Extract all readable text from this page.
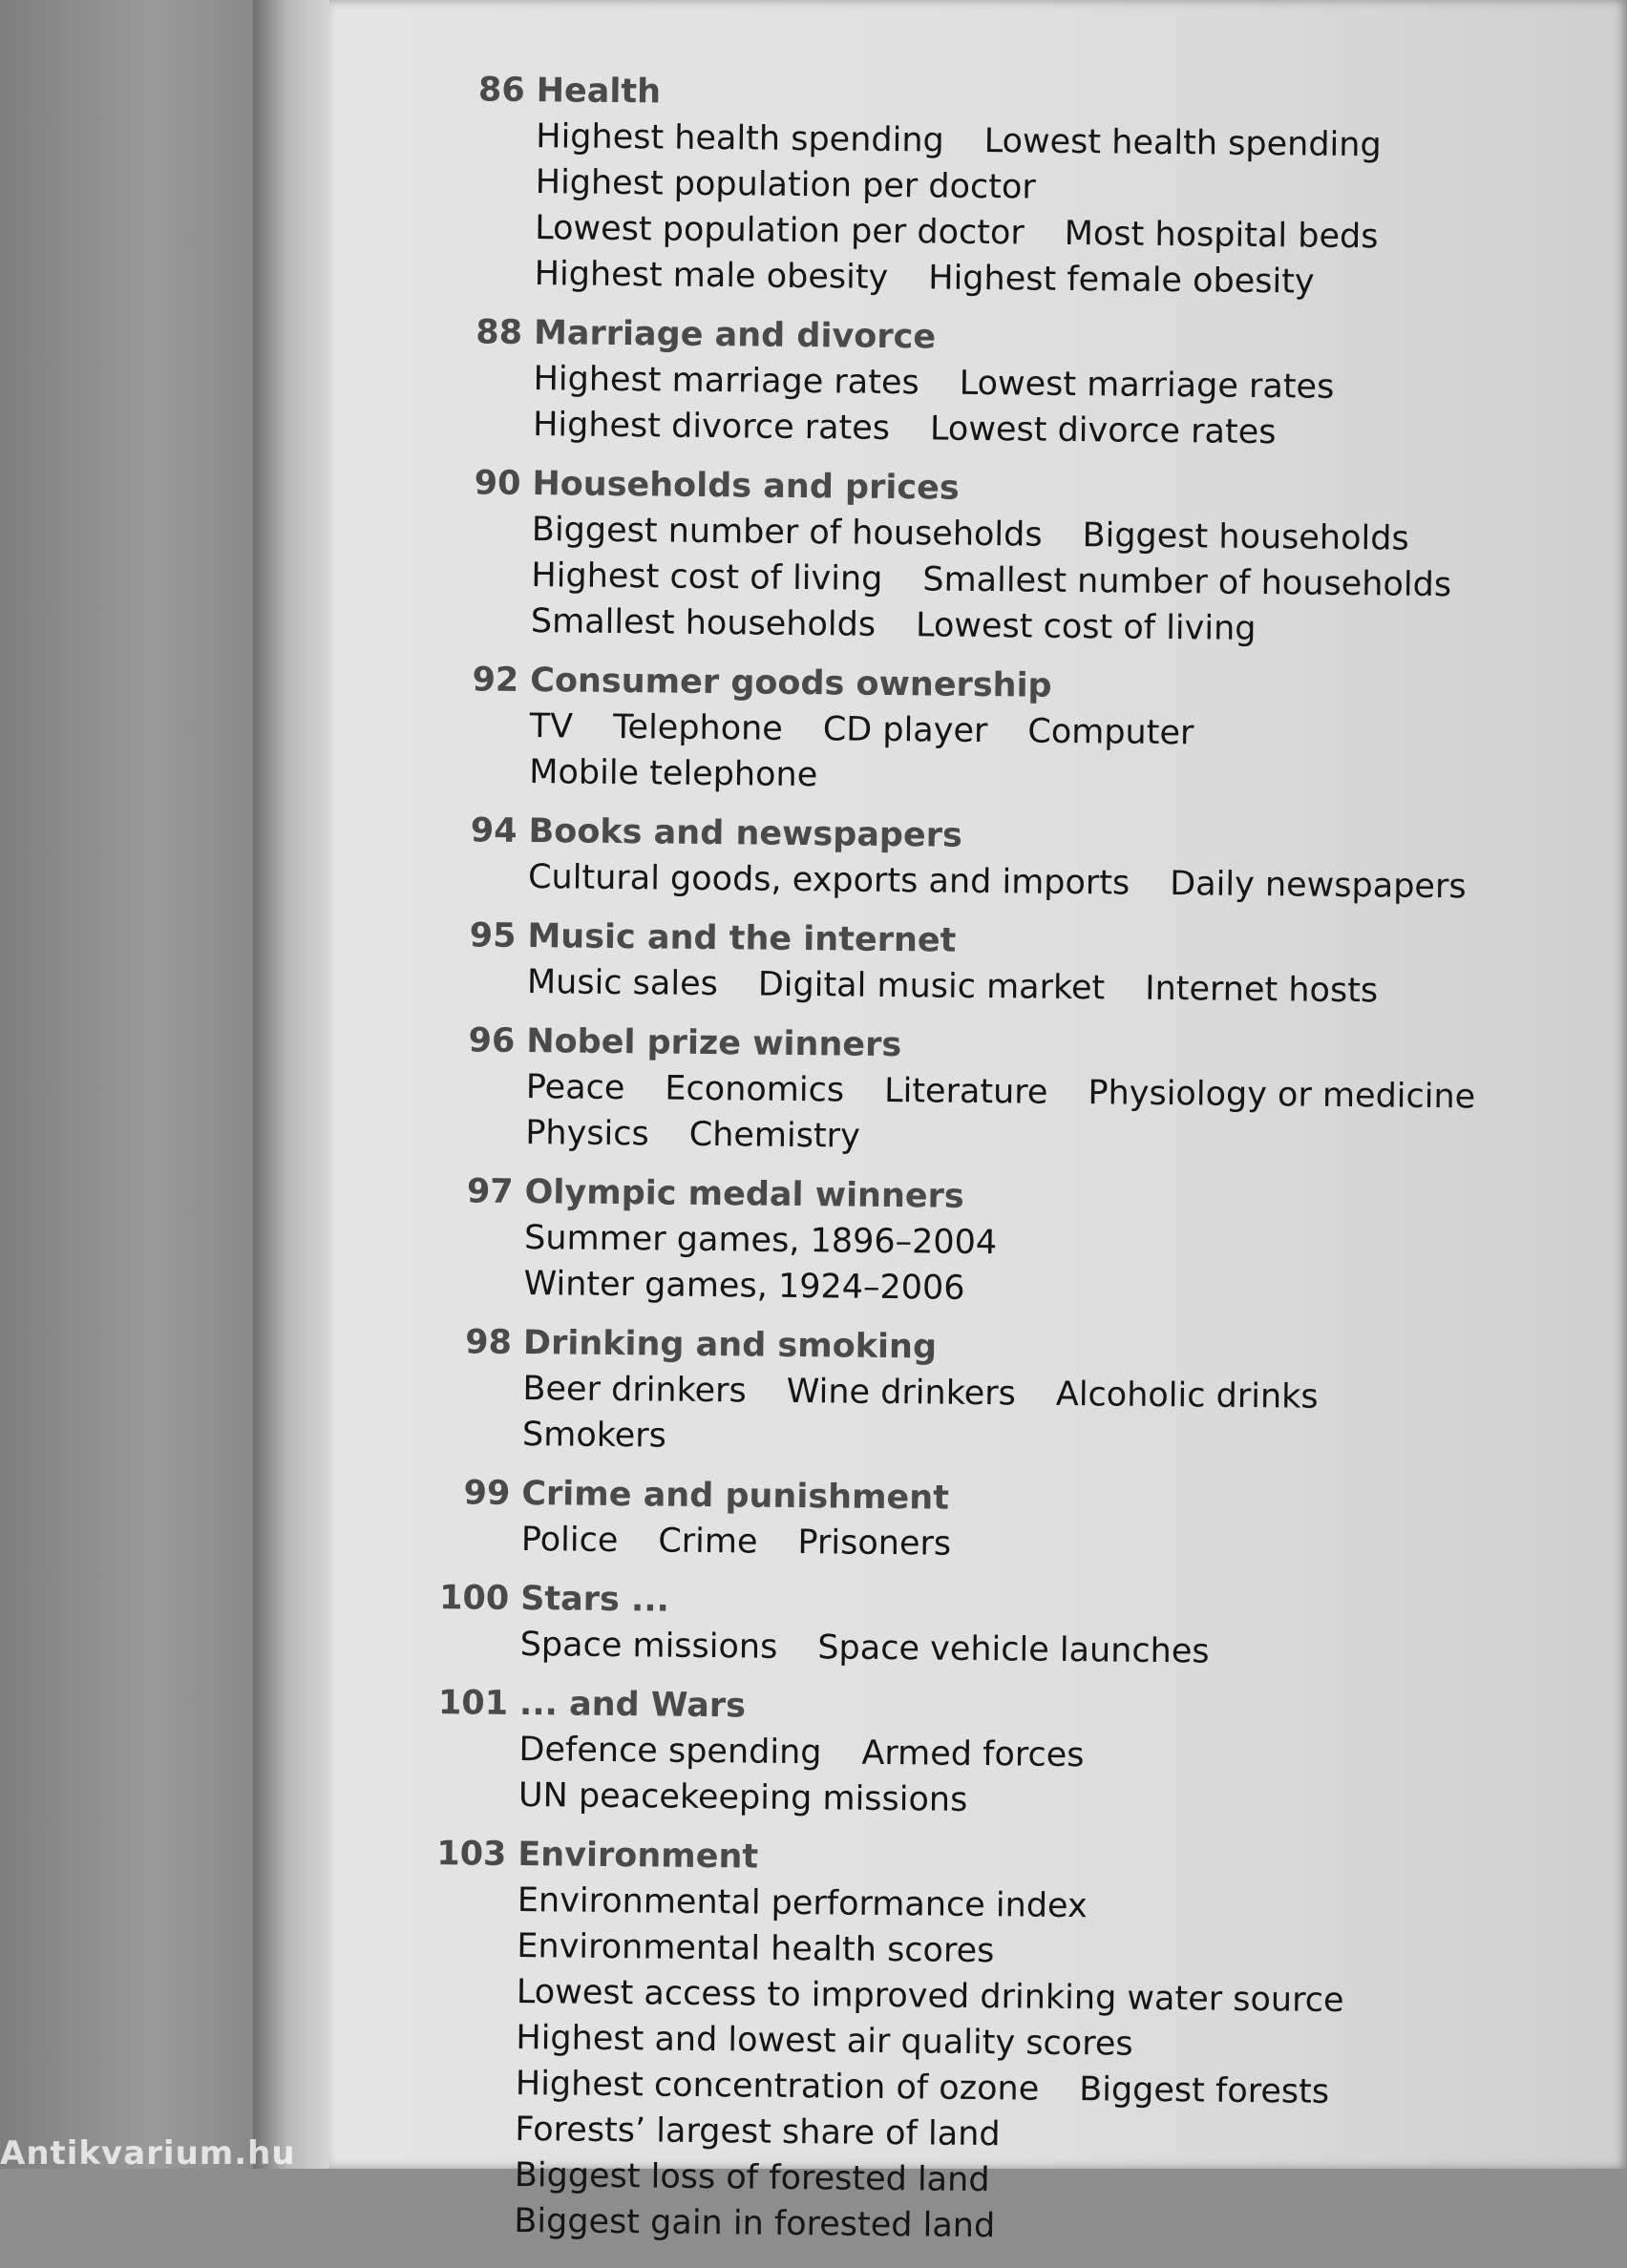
86 Health
Highest health spending Lowest health spending
Highest population per doctor
Lowest population per doctor Most hospital beds
Highest male obesity Highest female obesity
88 Marriage and divorce
Highest marriage rates Lowest marriage rates
Highest divorce rates Lowest divorce rates
90 Households and prices
Biggest number of households Biggest households
Highest cost of living Smallest number of households
Smallest households Lowest cost of living
92 Consumer goods ownership
TV Telephone CD player Computer
Mobile telephone
94 Books and newspapers
Cultural goods, exports and imports Daily newspapers
95 Music and the internet
Music sales Digital music market Internet hosts
96 Nobel prize winners
Peace Economics Literature Physiology or medicine
Physics Chemistry
97 Olympic medal winners
Summer games, 1896–2004
Winter games, 1924–2006
98 Drinking and smoking
Beer drinkers Wine drinkers Alcoholic drinks
Smokers
99 Crime and punishment
Police Crime Prisoners
100 Stars ...
Space missions Space vehicle launches
101 ... and Wars
Defence spending Armed forces
UN peacekeeping missions
103 Environment
Environmental performance index
Environmental health scores
Lowest access to improved drinking water source
Highest and lowest air quality scores
Highest concentration of ozone Biggest forests
Forests’ largest share of land
Biggest loss of forested land
Biggest gain in forested land
Antikvarium.hu
